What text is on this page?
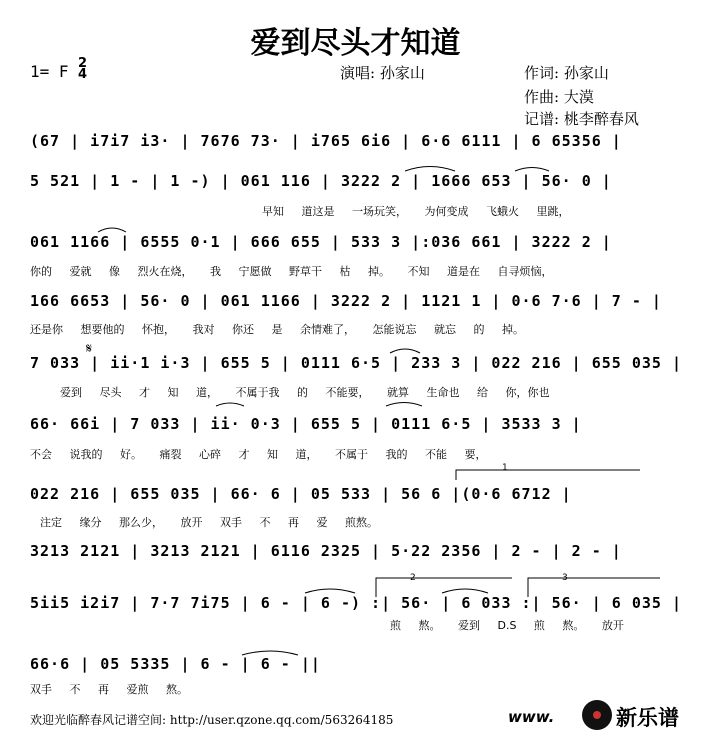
爱到尽头才知道
1= F 2
4	演唱: 孙家山	作词: 孙家山
作曲: 大漠
记谱: 桃李醉春风
(67 | i7i7 i3· | 7676 73· | i765 6i6 | 6·6 6111 | 6 65356 |
5 521 | 1 - | 1 -) | 061 116 | 3222 2 | 1666 653 | 56· 0 |
早知 道这是 一场玩笑， 为何变成 飞蛾火 里跳，
061 1166 | 6555 0·1 | 666 655 | 533 3 |:036 661 | 3222 2 |
你的 爱就 像 烈火在烧， 我 宁愿做 野草干 枯 掉。 不知 道是在 自寻烦恼，
166 6653 | 56· 0 | 061 1166 | 3222 2 | 1121 1 | 0·6 7·6 | 7 - |
还是你 想要他的 怀抱， 我对 你还 是 余情难了， 怎能说忘 就忘 的 掉。
7 033 | ii·1 i·3 | 655 5 | 0111 6·5 | 233 3 | 022 216 | 655 035 |
爱到 尽头 才 知 道， 不属于我 的 不能要， 就算 生命也 给 你，你也
66· 66i | 7 033 | ii· 0·3 | 655 5 | 0111 6·5 | 3533 3 |
不会 说我的 好。 痛裂 心碎 才 知 道， 不属于 我的 不能 要，
022 216 | 655 035 | 66· 6 | 05 533 | 56 6 |(0·6 6712 |
注定 缘分 那么少， 放开 双手 不 再 爱 煎熬。
3213 2121 | 3213 2121 | 6116 2325 | 5·22 2356 | 2 - | 2 - |
5ii5 i2i7 | 7·7 7i75 | 6 - | 6 -) :| 56· | 6 033 :| 56· | 6 035 |
煎 熬。 爱到 D.S 煎 熬。 放开
66·6 | 05 5335 | 6 - | 6 - ||
双手 不 再 爱煎 熬。
1
2	3
𝄋
欢迎光临醉春风记谱空间: http://user.qzone.qq.com/563264185	www.	新乐谱
